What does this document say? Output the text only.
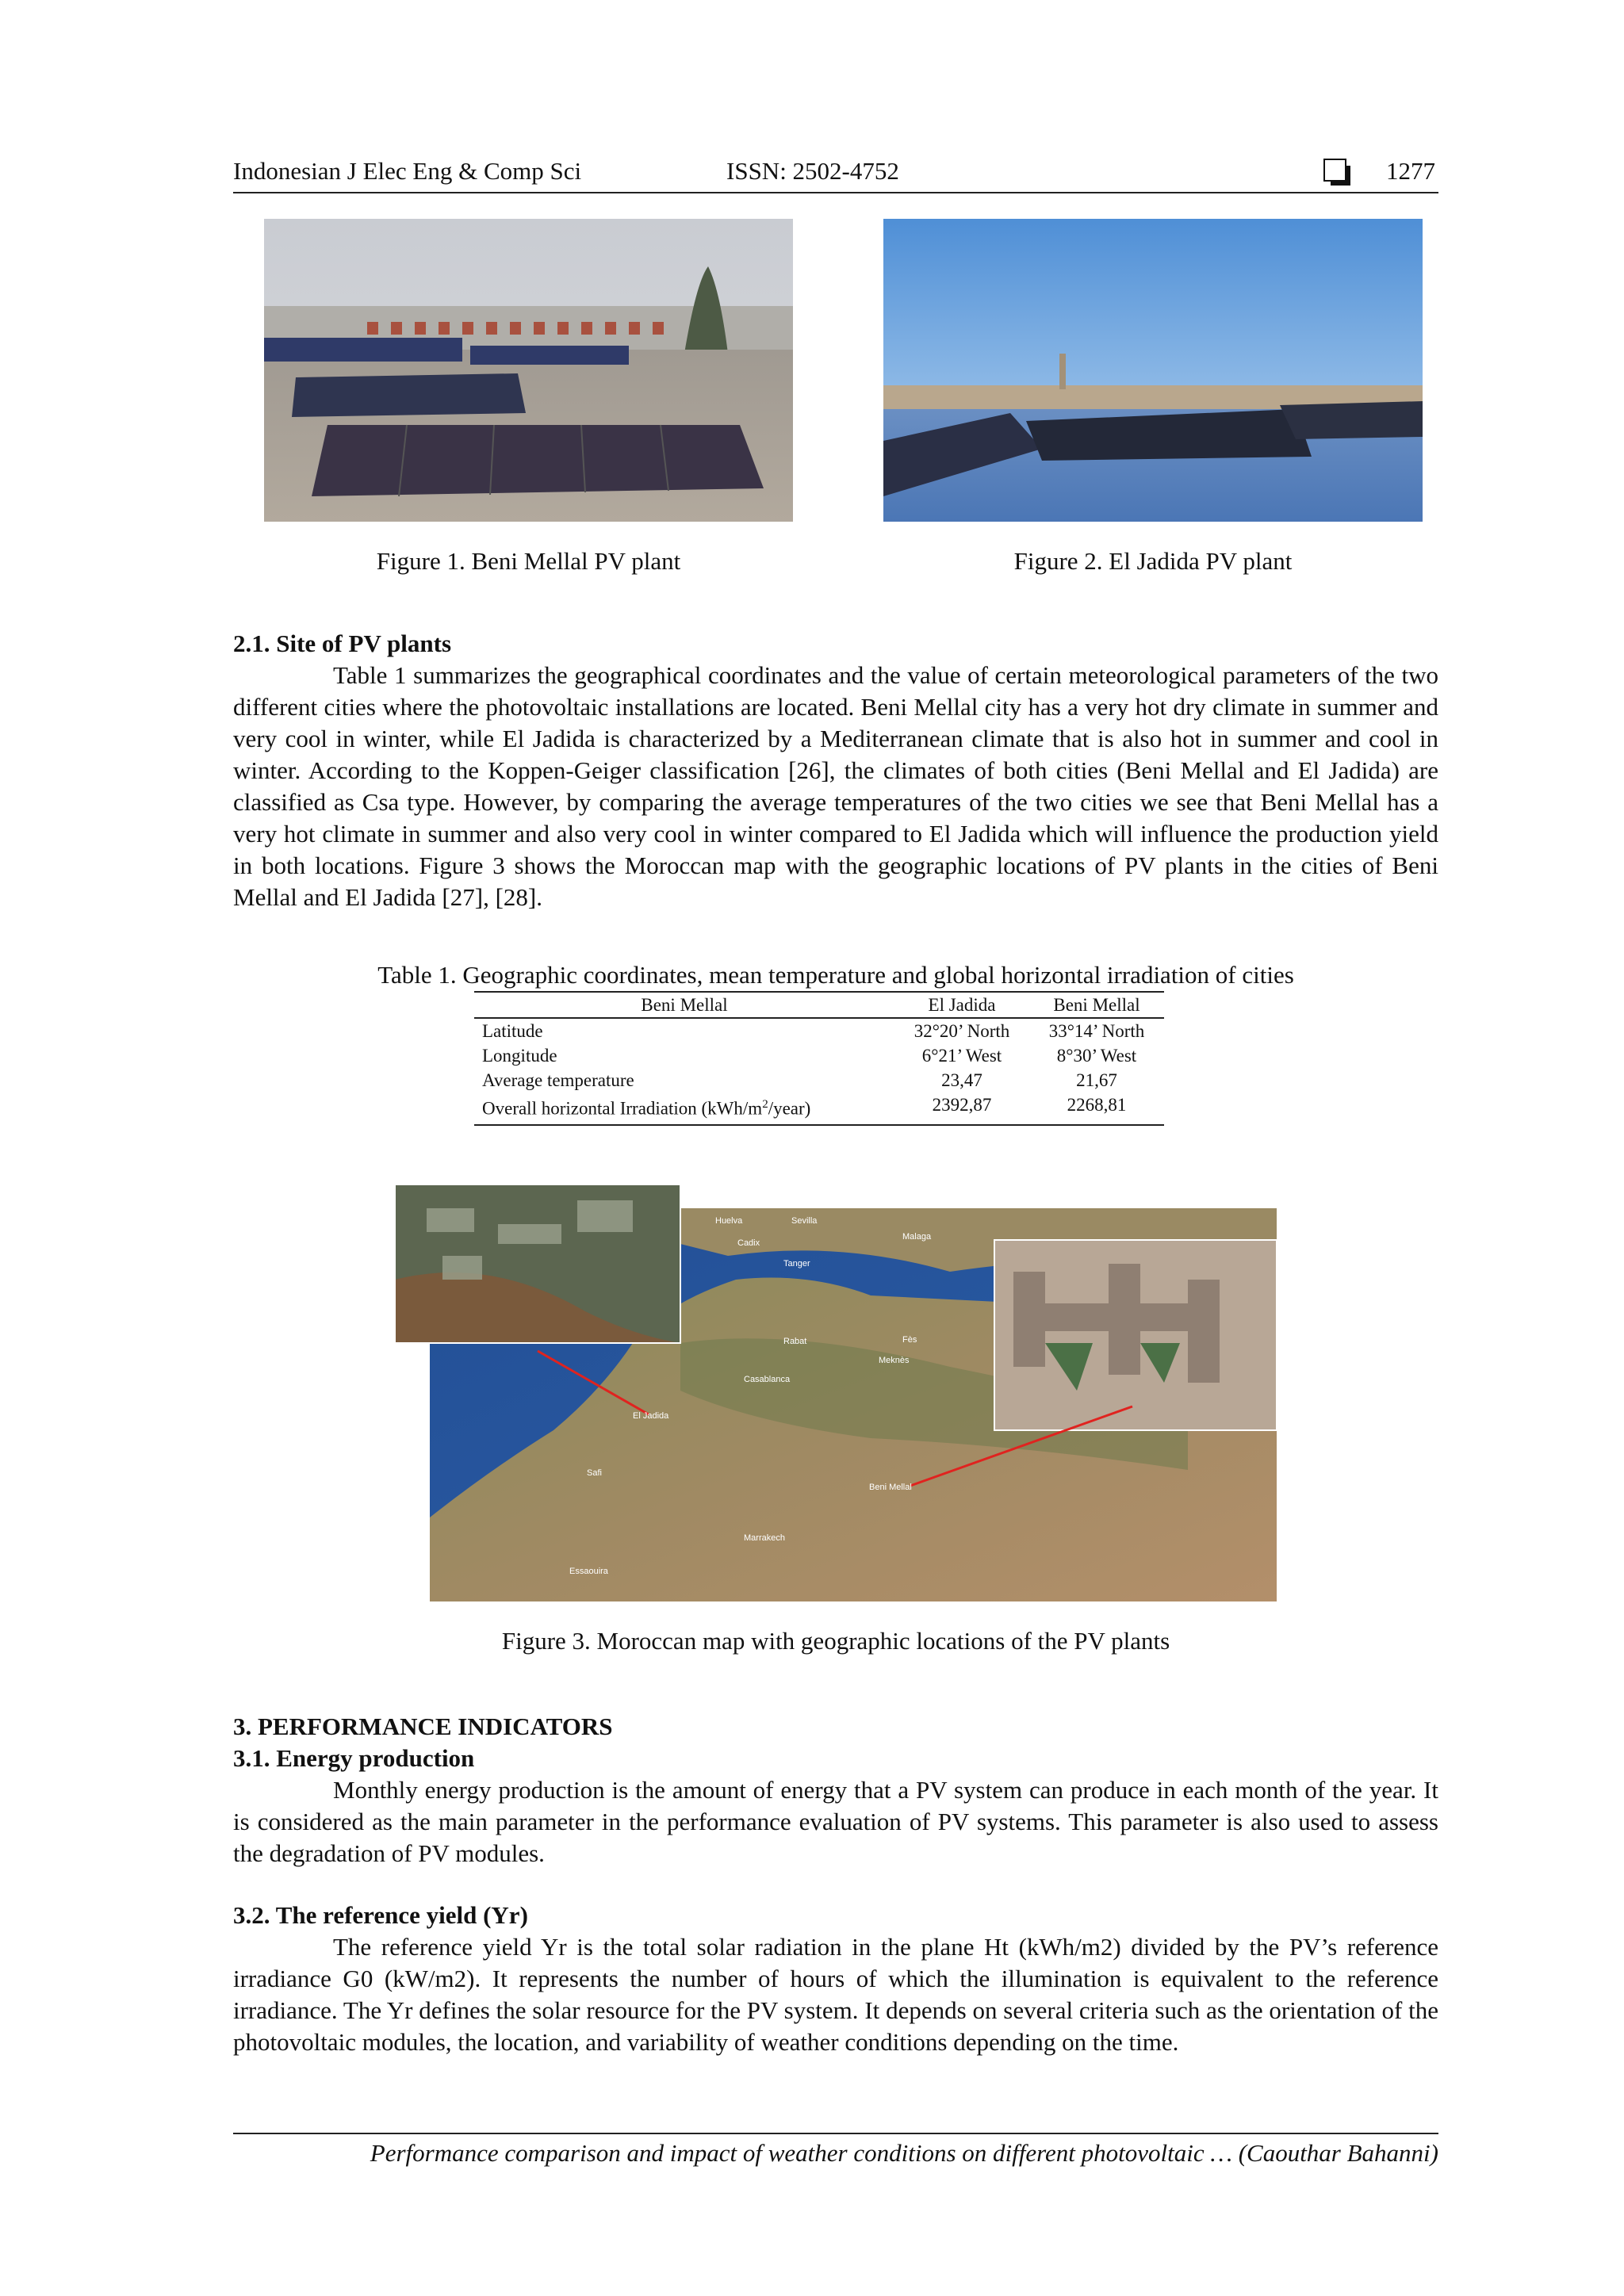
Indonesian J Elec Eng & Comp Sci	ISSN: 2502-4752	1277
Figure 1. Beni Mellal PV plant	Figure 2. El Jadida PV plant
2.1. Site of PV plants
Table 1 summarizes the geographical coordinates and the value of certain meteorological parameters of the two different cities where the photovoltaic installations are located. Beni Mellal city has a very hot dry climate in summer and very cool in winter, while El Jadida is characterized by a Mediterranean climate that is also hot in summer and cool in winter. According to the Koppen-Geiger classification [26], the climates of both cities (Beni Mellal and El Jadida) are classified as Csa type. However, by comparing the average temperatures of the two cities we see that Beni Mellal has a very hot climate in summer and also very cool in winter compared to El Jadida which will influence the production yield in both locations. Figure 3 shows the Moroccan map with the geographic locations of PV plants in the cities of Beni Mellal and El Jadida [27], [28].
Table 1. Geographic coordinates, mean temperature and global horizontal irradiation of cities
Beni Mellal	El Jadida	Beni Mellal
Latitude	32°20’ North	33°14’ North
Longitude	6°21’ West	8°30’ West
Average temperature	23,47	21,67
Overall horizontal Irradiation $(kWh/m^2/year)$	2392,87	2268,81
El Jadida
Casablanca
Rabat
Beni Mellal
Marrakech
Tanger
Malaga
Sevilla
Cordoba	Murcia	Palma
Fès
Meknès
Essaouira
Safi
Cadix
Huelva
Figure 3. Moroccan map with geographic locations of the PV plants
3. PERFORMANCE INDICATORS
3.1. Energy production
Monthly energy production is the amount of energy that a PV system can produce in each month of the year. It is considered as the main parameter in the performance evaluation of PV systems. This parameter is also used to assess the degradation of PV modules.
3.2. The reference yield (Yr)
The reference yield Yr is the total solar radiation in the plane Ht (kWh/m2) divided by the PV’s reference irradiance G0 (kW/m2). It represents the number of hours of which the illumination is equivalent to the reference irradiance. The Yr defines the solar resource for the PV system. It depends on several criteria such as the orientation of the photovoltaic modules, the location, and variability of weather conditions depending on the time.
Performance comparison and impact of weather conditions on different photovoltaic … (Caouthar Bahanni)
